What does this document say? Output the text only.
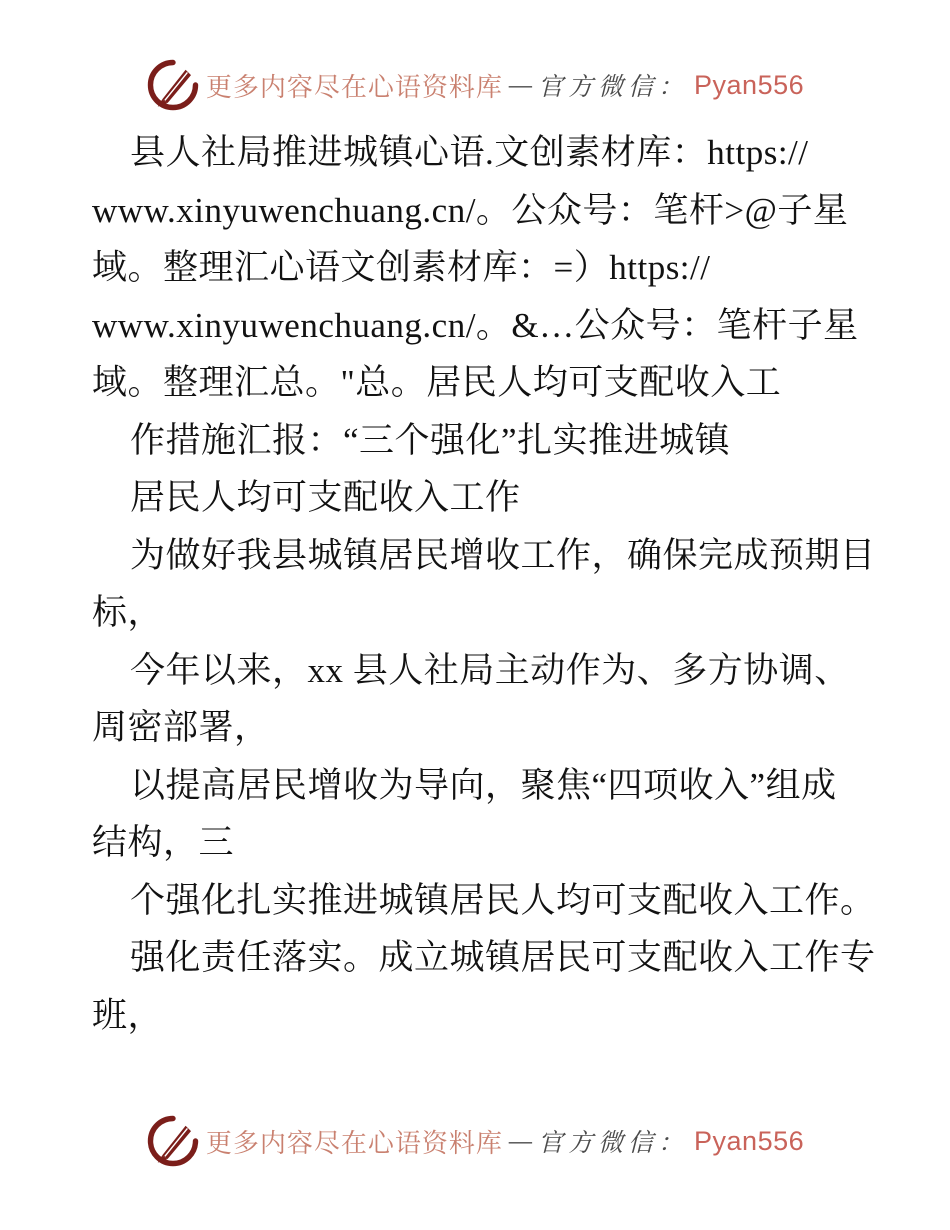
更多内容尽在心语资料库 — 官方微信： Pyan556

县人社局推进城镇心语.文创素材库：https://

www.xinyuwenchuang.cn/。公众号：笔杆>@子星

域。整理汇心语文创素材库：=）https://

www.xinyuwenchuang.cn/。&…公众号：笔杆子星

域。整理汇总。"总。居民人均可支配收入工

作措施汇报：“三个强化”扎实推进城镇

居民人均可支配收入工作

为做好我县城镇居民增收工作，确保完成预期目

标，

今年以来，xx 县人社局主动作为、多方协调、

周密部署，

以提高居民增收为导向，聚焦“四项收入”组成

结构，三

个强化扎实推进城镇居民人均可支配收入工作。

强化责任落实。成立城镇居民可支配收入工作专

班，

更多内容尽在心语资料库 — 官方微信： Pyan556
